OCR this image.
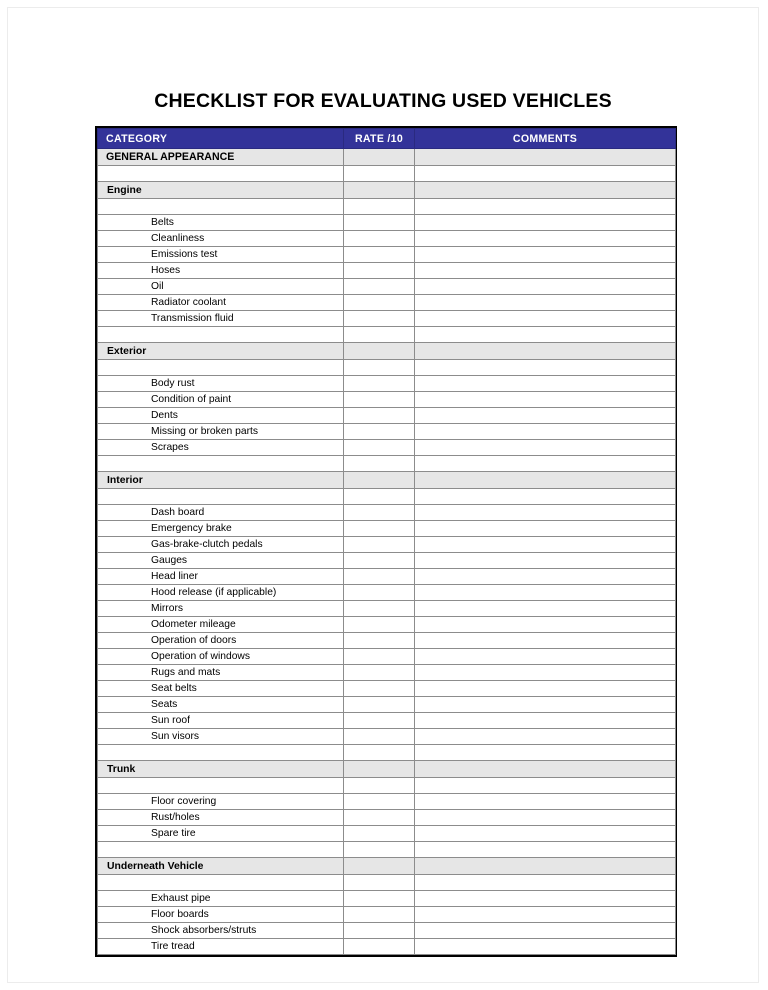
CHECKLIST FOR EVALUATING USED VEHICLES
CATEGORY	RATE /10	COMMENTS
GENERAL APPEARANCE		

Engine		

Belts		
Cleanliness		
Emissions test		
Hoses		
Oil		
Radiator coolant		
Transmission fluid		

Exterior		

Body rust		
Condition of paint		
Dents		
Missing or broken parts		
Scrapes		

Interior		

Dash board		
Emergency brake		
Gas-brake-clutch pedals		
Gauges		
Head liner		
Hood release (if applicable)		
Mirrors		
Odometer mileage		
Operation of doors		
Operation of windows		
Rugs and mats		
Seat belts		
Seats		
Sun roof		
Sun visors		

Trunk		

Floor covering		
Rust/holes		
Spare tire		

Underneath Vehicle		

Exhaust pipe		
Floor boards		
Shock absorbers/struts		
Tire tread		
